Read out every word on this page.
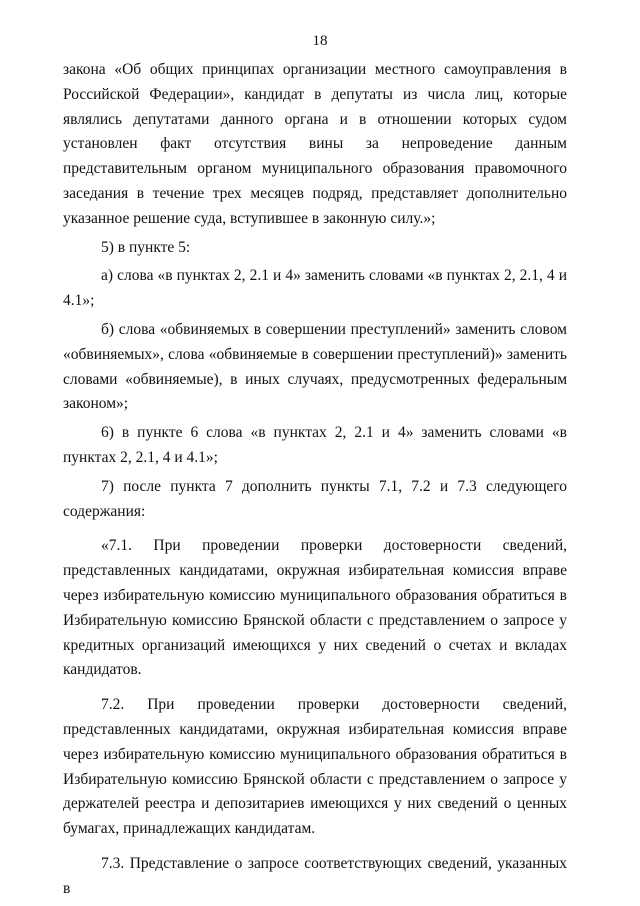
18

закона «Об общих принципах организации местного самоуправления в Российской Федерации», кандидат в депутаты из числа лиц, которые являлись депутатами данного органа и в отношении которых судом установлен факт отсутствия вины за непроведение данным представительным органом муниципального образования правомочного заседания в течение трех месяцев подряд, представляет дополнительно указанное решение суда, вступившее в законную силу.»;

5) в пункте 5:

а) слова «в пунктах 2, 2.1 и 4» заменить словами «в пунктах 2, 2.1, 4 и 4.1»;

б) слова «обвиняемых в совершении преступлений» заменить словом «обвиняемых», слова «обвиняемые в совершении преступлений)» заменить словами «обвиняемые), в иных случаях, предусмотренных федеральным законом»;

6) в пункте 6 слова «в пунктах 2, 2.1 и 4» заменить словами «в пунктах 2, 2.1, 4 и 4.1»;

7) после пункта 7 дополнить пункты 7.1, 7.2 и 7.3 следующего содержания:

«7.1. При проведении проверки достоверности сведений, представленных кандидатами, окружная избирательная комиссия вправе через избирательную комиссию муниципального образования обратиться в Избирательную комиссию Брянской области с представлением о запросе у кредитных организаций имеющихся у них сведений о счетах и вкладах кандидатов.

7.2. При проведении проверки достоверности сведений, представленных кандидатами, окружная избирательная комиссия вправе через избирательную комиссию муниципального образования обратиться в Избирательную комиссию Брянской области с представлением о запросе у держателей реестра и депозитариев имеющихся у них сведений о ценных бумагах, принадлежащих кандидатам.

7.3. Представление о запросе соответствующих сведений, указанных в
